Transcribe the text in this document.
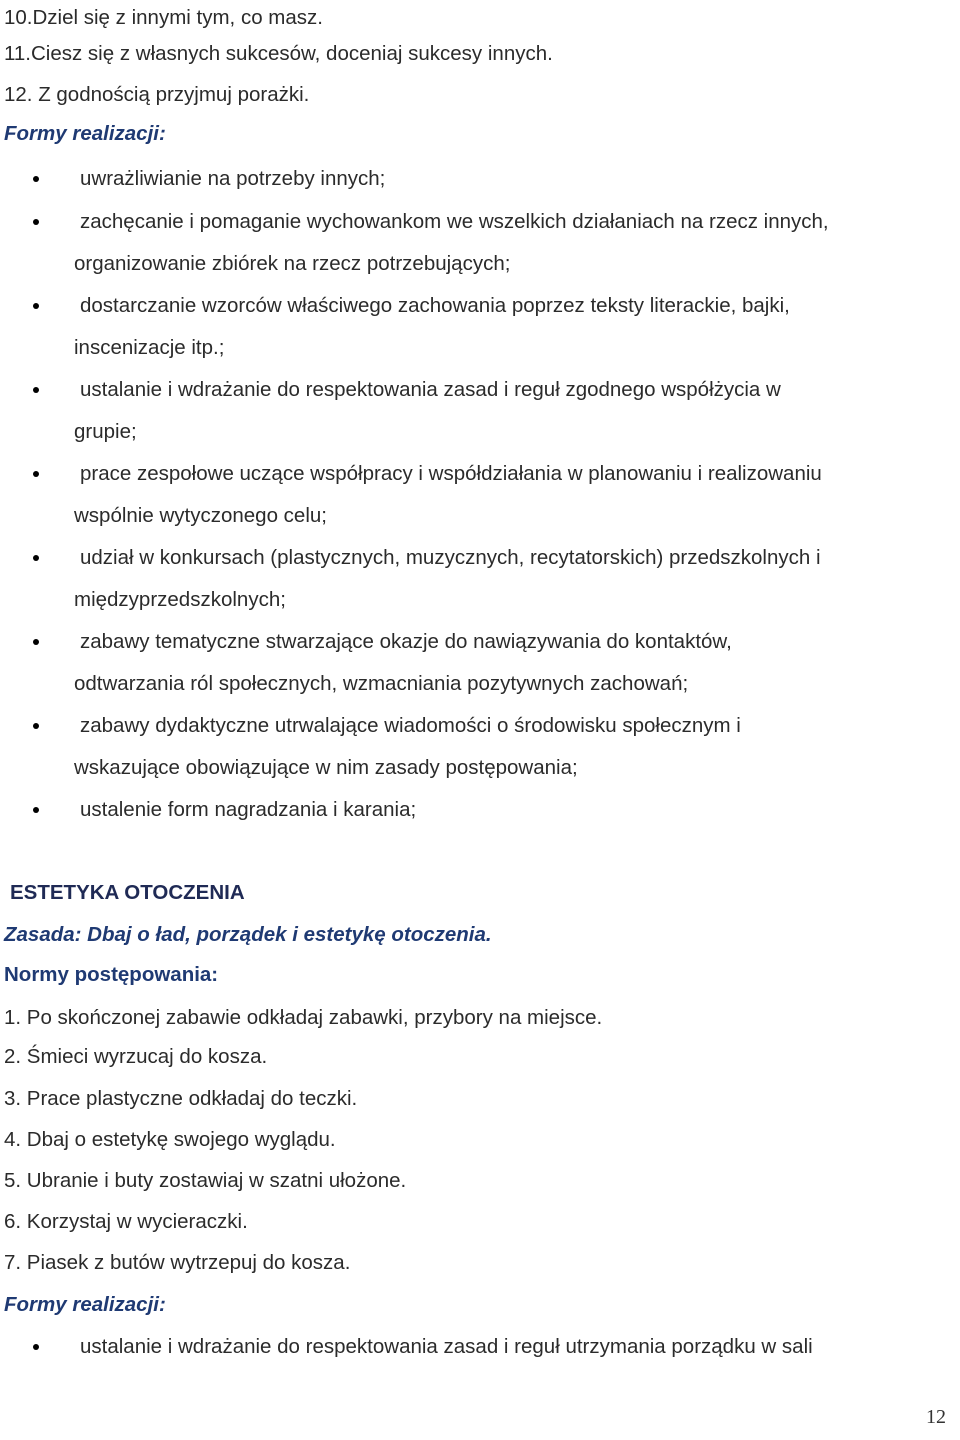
10.Dziel się z innymi tym, co masz.
11.Ciesz się z własnych sukcesów, doceniaj sukcesy innych.
12. Z godnością przyjmuj porażki.
Formy realizacji:
uwrażliwianie na potrzeby innych;
zachęcanie i pomaganie wychowankom we wszelkich działaniach na rzecz innych,
organizowanie zbiórek na rzecz potrzebujących;
dostarczanie wzorców właściwego zachowania poprzez teksty literackie, bajki,
inscenizacje itp.;
ustalanie i wdrażanie do respektowania zasad i reguł zgodnego współżycia w
grupie;
prace zespołowe uczące współpracy i współdziałania w planowaniu i realizowaniu
wspólnie wytyczonego celu;
udział w konkursach (plastycznych, muzycznych, recytatorskich) przedszkolnych i
międzyprzedszkolnych;
zabawy tematyczne stwarzające okazje do nawiązywania do kontaktów,
odtwarzania ról społecznych, wzmacniania pozytywnych zachowań;
zabawy dydaktyczne utrwalające wiadomości o środowisku społecznym i
wskazujące obowiązujące w nim zasady postępowania;
ustalenie form nagradzania i karania;
ESTETYKA OTOCZENIA
Zasada: Dbaj o ład, porządek i estetykę otoczenia.
Normy postępowania:
1. Po skończonej zabawie odkładaj zabawki, przybory na miejsce.
2. Śmieci wyrzucaj do kosza.
3. Prace plastyczne odkładaj do teczki.
4. Dbaj o estetykę swojego wyglądu.
5. Ubranie i buty zostawiaj w szatni ułożone.
6. Korzystaj w wycieraczki.
7. Piasek z butów wytrzepuj do kosza.
Formy realizacji:
ustalanie i wdrażanie do respektowania zasad i reguł utrzymania porządku w sali
12
